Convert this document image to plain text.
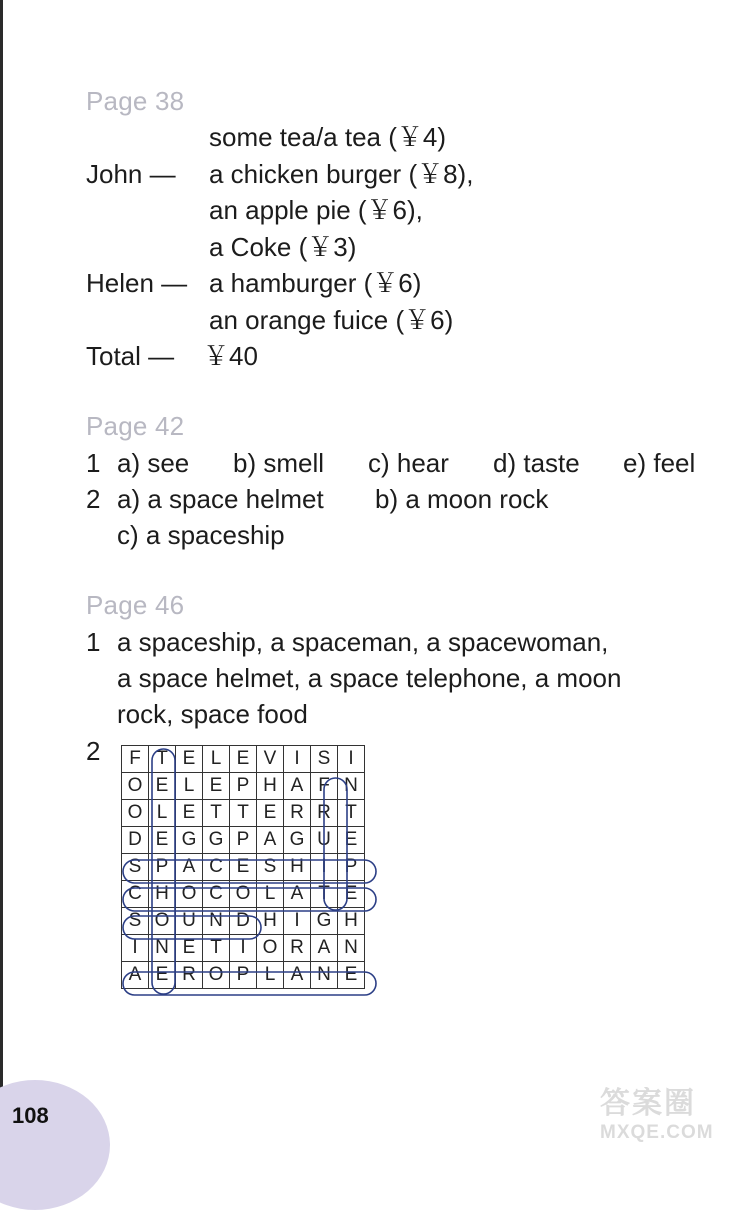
Page 38
some tea/a tea (￥4)
John — a chicken burger (￥8),
an apple pie (￥6),
a Coke (￥3)
Helen — a hamburger (￥6)
an orange fuice (￥6)
Total — ￥40
Page 42
1 a) see b) smell c) hear d) taste e) feel
2 a) a space helmet b) a moon rock
c) a spaceship
Page 46
1 a spaceship, a spaceman, a spacewoman,
a space helmet, a space telephone, a moon
rock, space food
2 F	T	E	L	E	V	I	S	I
O	E	L	E	P	H	A	F	N
O	L	E	T	T	E	R	R	T
D	E	G	G	P	A	G	U	E
S	P	A	C	E	S	H	I	P
C	H	O	C	O	L	A	T	E
S	O	U	N	D	H	I	G	H
I	N	E	T	I	O	R	A	N
A	E	R	O	P	L	A	N	E
108	答案圈
MXQE.COM
